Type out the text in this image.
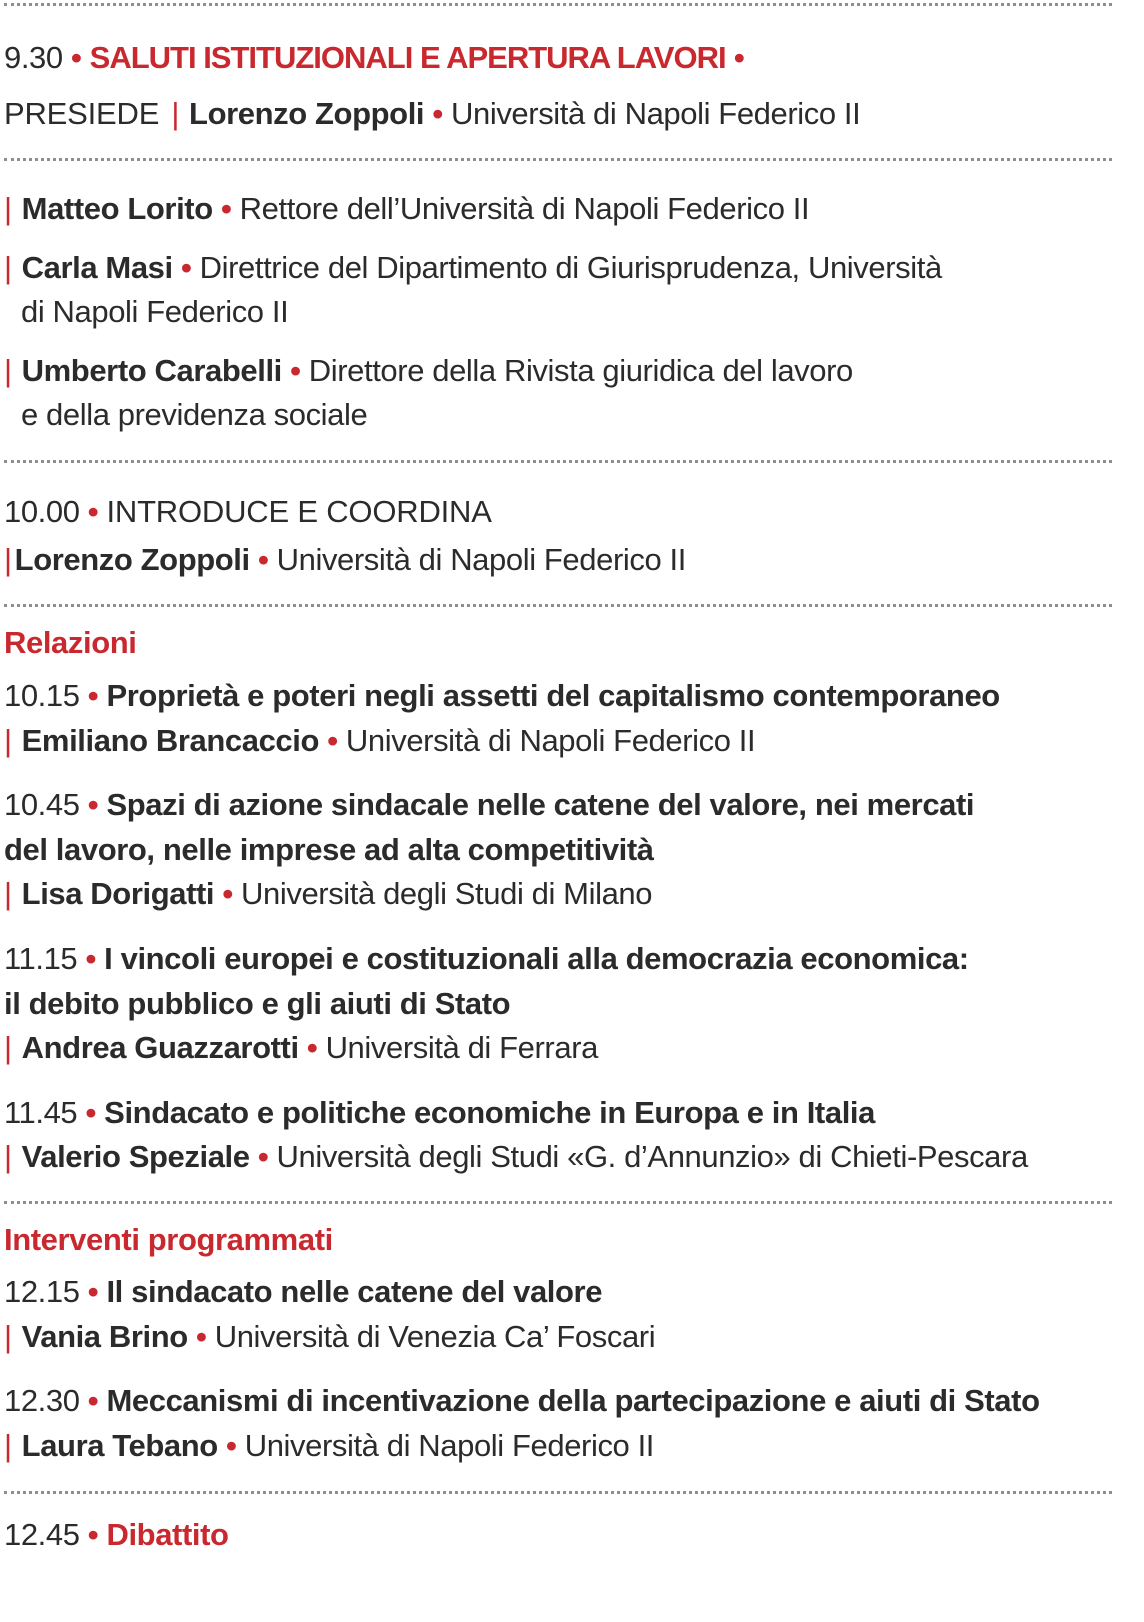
9.30 • SALUTI ISTITUZIONALI E APERTURA LAVORI •
PRESIEDE | Lorenzo Zoppoli • Università di Napoli Federico II
| Matteo Lorito • Rettore dell’Università di Napoli Federico II
| Carla Masi • Direttrice del Dipartimento di Giurisprudenza, Università
di Napoli Federico II
| Umberto Carabelli • Direttore della Rivista giuridica del lavoro
e della previdenza sociale
10.00 • INTRODUCE E COORDINA
|Lorenzo Zoppoli • Università di Napoli Federico II
Relazioni
10.15 • Proprietà e poteri negli assetti del capitalismo contemporaneo
| Emiliano Brancaccio • Università di Napoli Federico II
10.45 • Spazi di azione sindacale nelle catene del valore, nei mercati
del lavoro, nelle imprese ad alta competitività
| Lisa Dorigatti • Università degli Studi di Milano
11.15 • I vincoli europei e costituzionali alla democrazia economica:
il debito pubblico e gli aiuti di Stato
| Andrea Guazzarotti • Università di Ferrara
11.45 • Sindacato e politiche economiche in Europa e in Italia
| Valerio Speziale • Università degli Studi «G. d’Annunzio» di Chieti-Pescara
Interventi programmati
12.15 • Il sindacato nelle catene del valore
| Vania Brino • Università di Venezia Ca’ Foscari
12.30 • Meccanismi di incentivazione della partecipazione e aiuti di Stato
| Laura Tebano • Università di Napoli Federico II
12.45 • Dibattito
